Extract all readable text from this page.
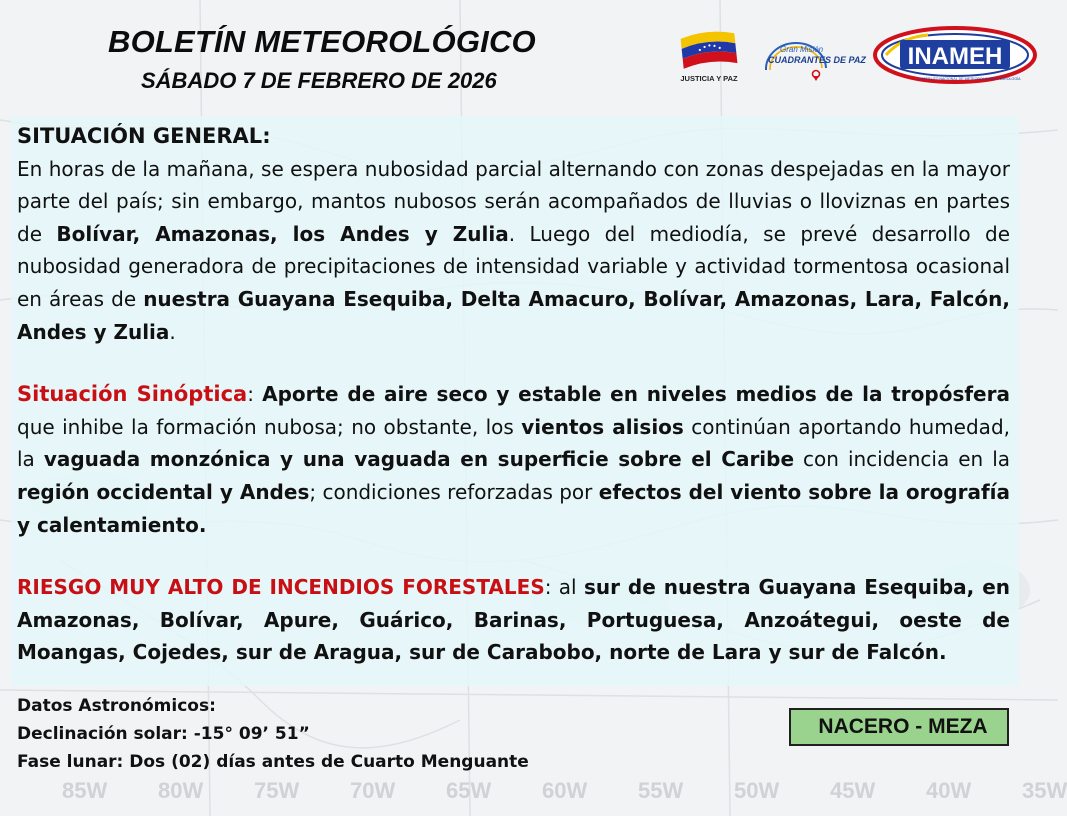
BOLETÍN METEOROLÓGICO
SÁBADO 7 DE FEBRERO DE 2026	JUSTICIA Y PAZ
Gran Misión
CUADRANTES DE PAZ INAMEH
INSTITUTO NACIONAL DE METEOROLOGÍA E HIDROLOGÍA

SITUACIÓN GENERAL:

En horas de la mañana, se espera nubosidad parcial alternando con zonas despejadas en la mayor parte del país; sin embargo, mantos nubosos serán acompañados de lluvias o lloviznas en partes de Bolívar, Amazonas, los Andes y Zulia. Luego del mediodía, se prevé desarrollo de nubosidad generadora de precipitaciones de intensidad variable y actividad tormentosa ocasional en áreas de nuestra Guayana Esequiba, Delta Amacuro, Bolívar, Amazonas, Lara, Falcón, Andes y Zulia.

Situación Sinóptica: Aporte de aire seco y estable en niveles medios de la tropósfera que inhibe la formación nubosa; no obstante, los vientos alisios continúan aportando humedad, la vaguada monzónica y una vaguada en superficie sobre el Caribe con incidencia en la región occidental y Andes; condiciones reforzadas por efectos del viento sobre la orografía y calentamiento.

RIESGO MUY ALTO DE INCENDIOS FORESTALES: al sur de nuestra Guayana Esequiba, en Amazonas, Bolívar, Apure, Guárico, Barinas, Portuguesa, Anzoátegui, oeste de Moangas, Cojedes, sur de Aragua, sur de Carabobo, norte de Lara y sur de Falcón.

Datos Astronómicos:
Declinación solar: -15° 09’ 51”
Fase lunar: Dos (02) días antes de Cuarto Menguante
NACERO - MEZA
85W 80W 75W 70W 65W 60W 55W 50W 45W 40W 35W
